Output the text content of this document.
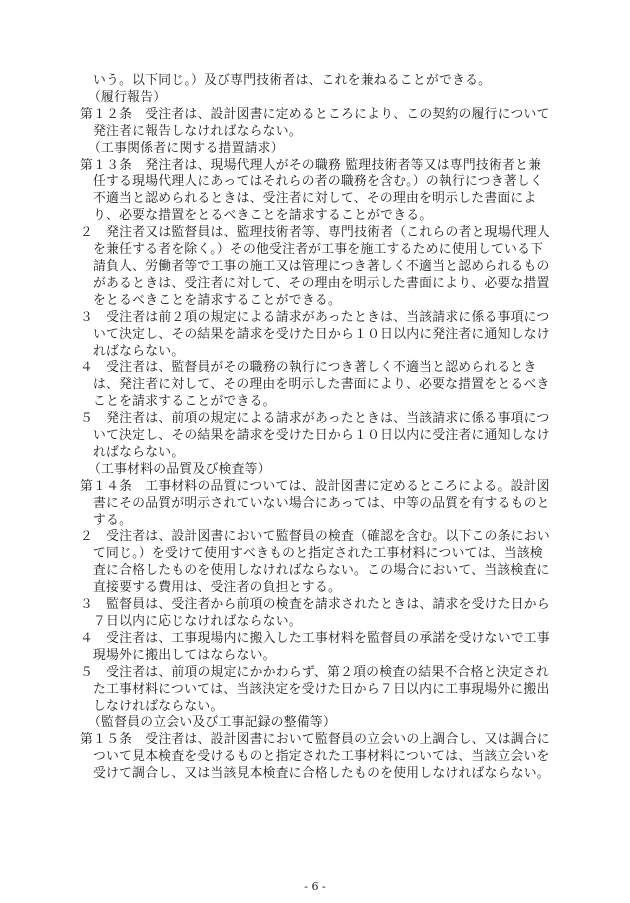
いう。以下同じ。）及び専門技術者は、これを兼ねることができる。
（履行報告）
第１２条　受注者は、設計図書に定めるところにより、この契約の履行について発注者に報告しなければならない。
（工事関係者に関する措置請求）
第１３条　発注者は、現場代理人がその職務 監理技術者等又は専門技術者と兼任する現場代理人にあってはそれらの者の職務を含む。）の執行につき著しく不適当と認められるときは、受注者に対して、その理由を明示した書面により、必要な措置をとるべきことを請求することができる。
２　発注者又は監督員は、監理技術者等、専門技術者（これらの者と現場代理人を兼任する者を除く。）その他受注者が工事を施工するために使用している下請負人、労働者等で工事の施工又は管理につき著しく不適当と認められるものがあるときは、受注者に対して、その理由を明示した書面により、必要な措置をとるべきことを請求することができる。
３　受注者は前２項の規定による請求があったときは、当該請求に係る事項について決定し、その結果を請求を受けた日から１０日以内に発注者に通知しなければならない。
４　受注者は、監督員がその職務の執行につき著しく不適当と認められるときは、発注者に対して、その理由を明示した書面により、必要な措置をとるべきことを請求することができる。
５　発注者は、前項の規定による請求があったときは、当該請求に係る事項について決定し、その結果を請求を受けた日から１０日以内に受注者に通知しなければならない。
（工事材料の品質及び検査等）
第１４条　工事材料の品質については、設計図書に定めるところによる。設計図書にその品質が明示されていない場合にあっては、中等の品質を有するものとする。
２　受注者は、設計図書において監督員の検査（確認を含む。以下この条において同じ。）を受けて使用すべきものと指定された工事材料については、当該検査に合格したものを使用しなければならない。この場合において、当該検査に直接要する費用は、受注者の負担とする。
３　監督員は、受注者から前項の検査を請求されたときは、請求を受けた日から７日以内に応じなければならない。
４　受注者は、工事現場内に搬入した工事材料を監督員の承諾を受けないで工事現場外に搬出してはならない。
５　受注者は、前項の規定にかかわらず、第２項の検査の結果不合格と決定された工事材料については、当該決定を受けた日から７日以内に工事現場外に搬出しなければならない。
（監督員の立会い及び工事記録の整備等）
第１５条　受注者は、設計図書において監督員の立会いの上調合し、又は調合について見本検査を受けるものと指定された工事材料については、当該立会いを受けて調合し、又は当該見本検査に合格したものを使用しなければならない。
- 6 -
